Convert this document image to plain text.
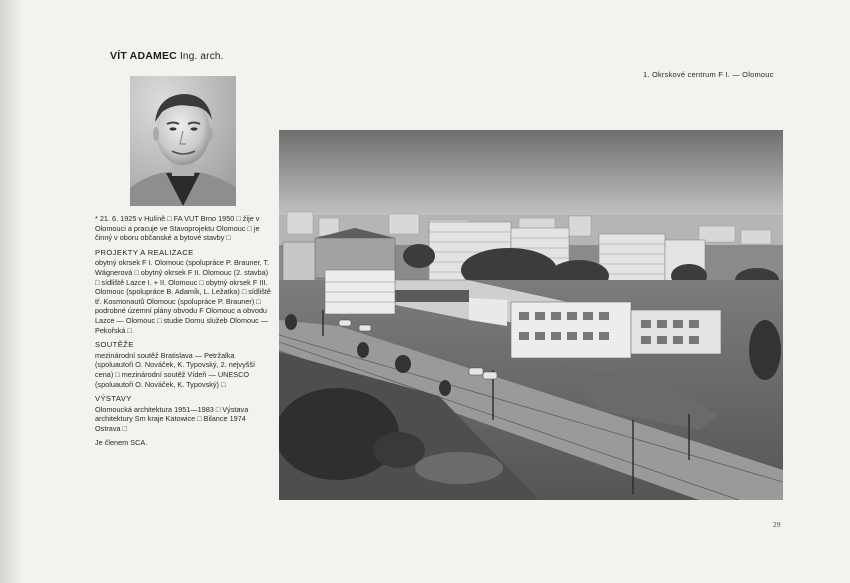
VÍT ADAMEC Ing. arch.
1. Okrskové centrum F I. — Olomouc

* 21. 6. 1925 v Hulíně □ FA VUT Brno 1950 □ žije v Olomouci a pracuje ve Stavoprojektu Olomouc □ je činný v oboru občanské a bytové stavby □

PROJEKTY A REALIZACE

obytný okrsek F I. Olomouc (spolupráce P. Brauner, T. Wágnerová □ obytný okrsek F II. Olomouc (2. stavba) □ sídliště Lazce I. + II. Olomouc □ obytný okrsek F III. Olomouc (spolupráce B. Adamík, L. Ležatka) □ sídliště tř. Kosmonautů Olomouc (spolupráce P. Brauner) □ podrobné územní plány obvodu F Olomouc a obvodu Lazce — Olomouc □ studie Domu služeb Olomouc — Pekořská □

SOUTĚŽE

mezinárodní soutěž Bratislava — Petržalka (spoluautoři O. Nováček, K. Typovský, 2. nejvyšší cena) □ mezinárodní soutěž Vídeň — UNESCO (spoluautoři O. Nováček, K. Typovský) □

VÝSTAVY

Olomoucká architektura 1951—1983 □ Výstava architektury Sm kraje Katowice □ Bilance 1974 Ostrava □

Je členem SCA.

29
